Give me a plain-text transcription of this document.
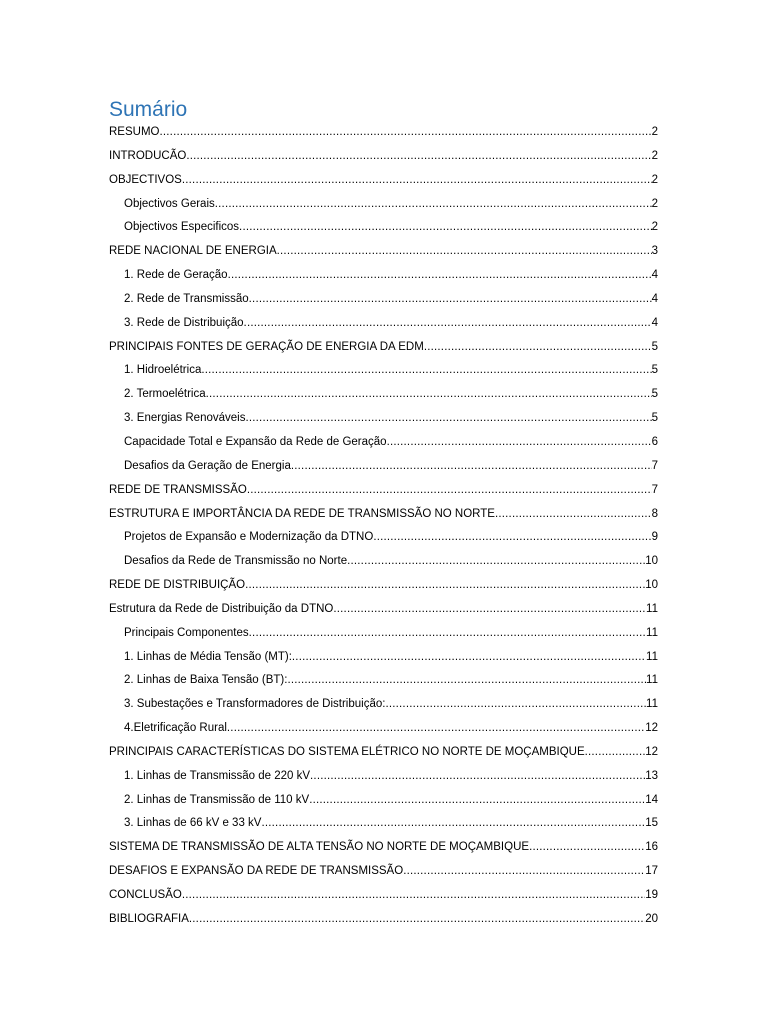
Sumário
RESUMO .....	2
INTRODUCÃO .....	2
OBJECTIVOS .....	2
Objectivos Gerais .....	2
Objectivos Especificos .....	2
REDE NACIONAL DE ENERGIA .....	3
1. Rede de Geração .....	4
2. Rede de Transmissão .....	4
3. Rede de Distribuição .....	4
PRINCIPAIS FONTES DE GERAÇÃO DE ENERGIA DA EDM .....	5
1. Hidroelétrica .....	5
2. Termoelétrica .....	5
3. Energias Renováveis .....	5
Capacidade Total e Expansão da Rede de Geração .....	6
Desafios da Geração de Energia .....	7
REDE DE TRANSMISSÃO .....	7
ESTRUTURA E IMPORTÂNCIA DA REDE DE TRANSMISSÃO NO NORTE .....	8
Projetos de Expansão e Modernização da DTNO .....	9
Desafios da Rede de Transmissão no Norte .....	10
REDE DE DISTRIBUIÇÃO .....	10
Estrutura da Rede de Distribuição da DTNO .....	11
Principais Componentes .....	11
1. Linhas de Média Tensão (MT): .....	11
2. Linhas de Baixa Tensão (BT): .....	11
3. Subestações e Transformadores de Distribuição: .....	11
4.Eletrificação Rural .....	12
PRINCIPAIS CARACTERÍSTICAS DO SISTEMA ELÉTRICO NO NORTE DE MOÇAMBIQUE .....	12
1. Linhas de Transmissão de 220 kV .....	13
2. Linhas de Transmissão de 110 kV .....	14
3. Linhas de 66 kV e 33 kV .....	15
SISTEMA DE TRANSMISSÃO DE ALTA TENSÃO NO NORTE DE MOÇAMBIQUE .....	16
DESAFIOS E EXPANSÃO DA REDE DE TRANSMISSÃO .....	17
CONCLUSÃO .....	19
BIBLIOGRAFIA .....	20
